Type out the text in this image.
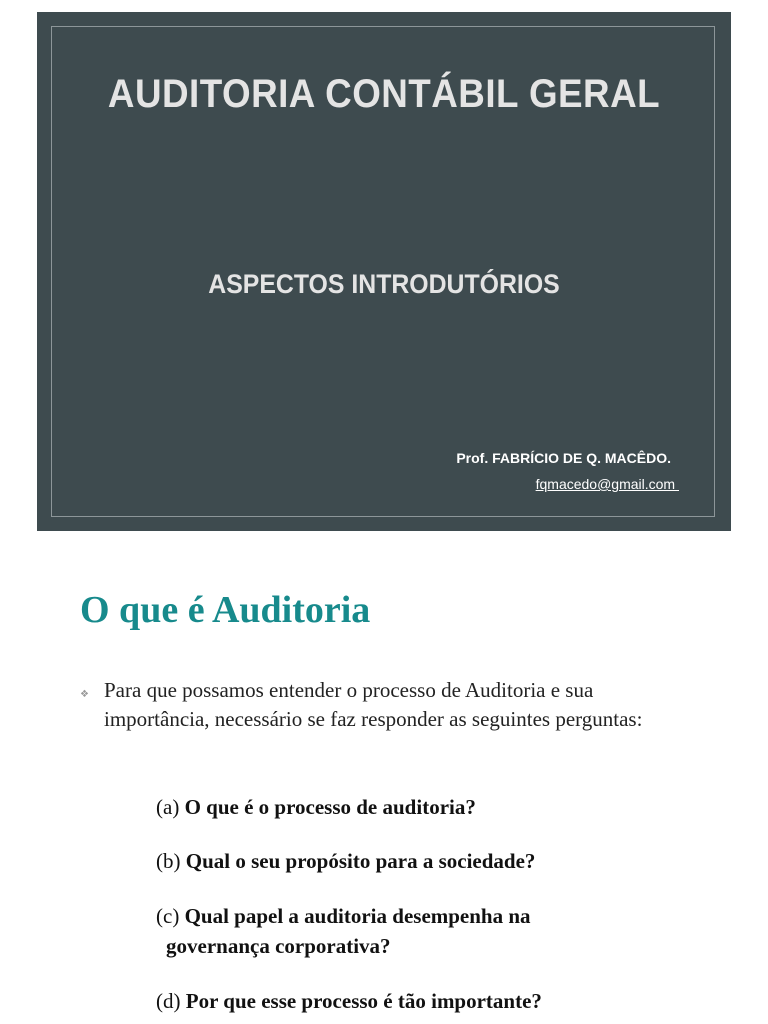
AUDITORIA CONTÁBIL GERAL
ASPECTOS INTRODUTÓRIOS
Prof. FABRÍCIO DE Q. MACÊDO.
fqmacedo@gmail.com
O que é Auditoria
❖ Para que possamos entender o processo de Auditoria e sua importância, necessário se faz responder as seguintes perguntas:
(a) O que é o processo de auditoria?
(b) Qual o seu propósito para a sociedade?
(c) Qual papel a auditoria desempenha na
governança corporativa?
(d) Por que esse processo é tão importante?
